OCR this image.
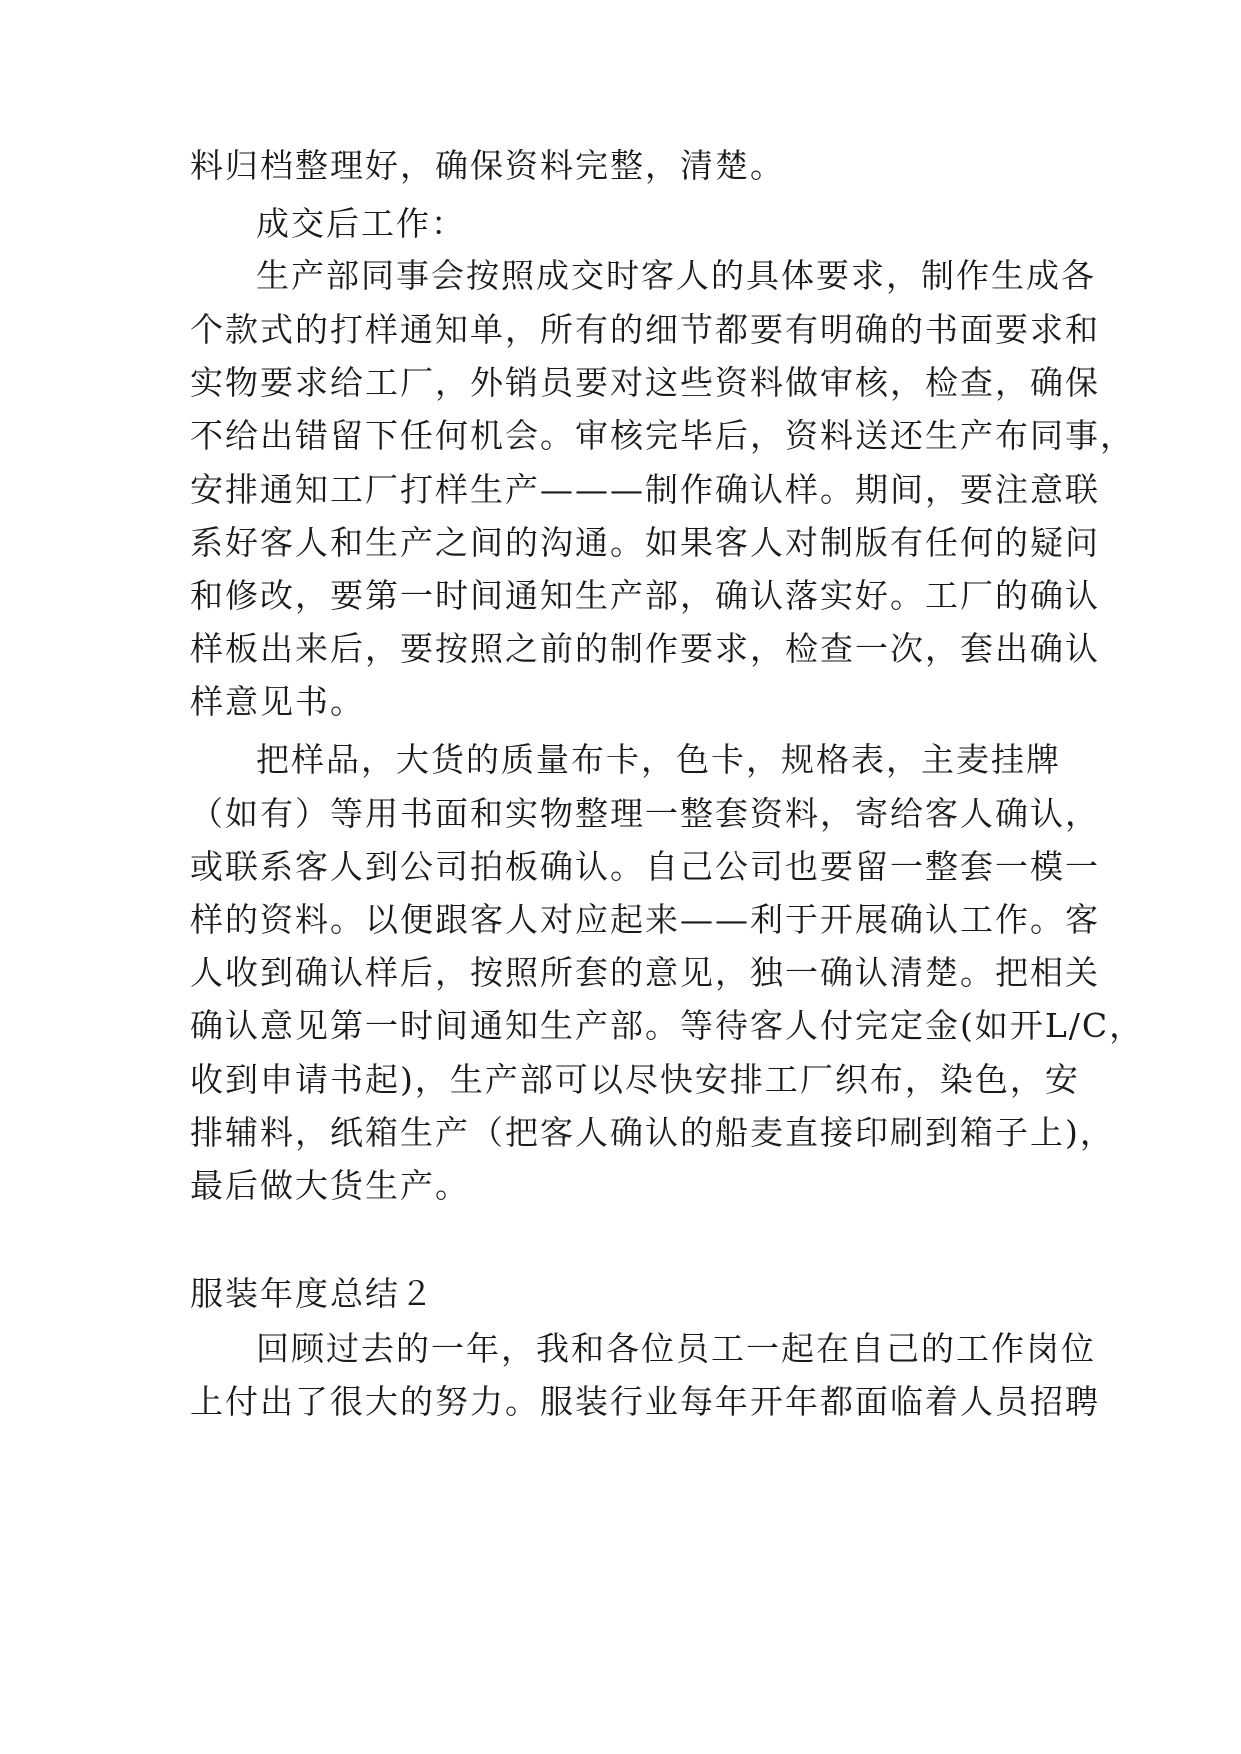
料归档整理好，确保资料完整，清楚。
成交后工作：
生产部同事会按照成交时客人的具体要求，制作生成各
个款式的打样通知单，所有的细节都要有明确的书面要求和
实物要求给工厂，外销员要对这些资料做审核，检查，确保
不给出错留下任何机会。审核完毕后，资料送还生产布同事，
安排通知工厂打样生产———制作确认样。期间，要注意联
系好客人和生产之间的沟通。如果客人对制版有任何的疑问
和修改，要第一时间通知生产部，确认落实好。工厂的确认
样板出来后，要按照之前的制作要求，检查一次，套出确认
样意见书。
把样品，大货的质量布卡，色卡，规格表，主麦挂牌
（如有）等用书面和实物整理一整套资料，寄给客人确认，
或联系客人到公司拍板确认。自己公司也要留一整套一模一
样的资料。以便跟客人对应起来——利于开展确认工作。客
人收到确认样后，按照所套的意见，独一确认清楚。把相关
确认意见第一时间通知生产部。等待客人付完定金(如开L/C，
收到申请书起)，生产部可以尽快安排工厂织布，染色，安
排辅料，纸箱生产（把客人确认的船麦直接印刷到箱子上)，
最后做大货生产。
服装年度总结２
回顾过去的一年，我和各位员工一起在自己的工作岗位
上付出了很大的努力。服装行业每年开年都面临着人员招聘
